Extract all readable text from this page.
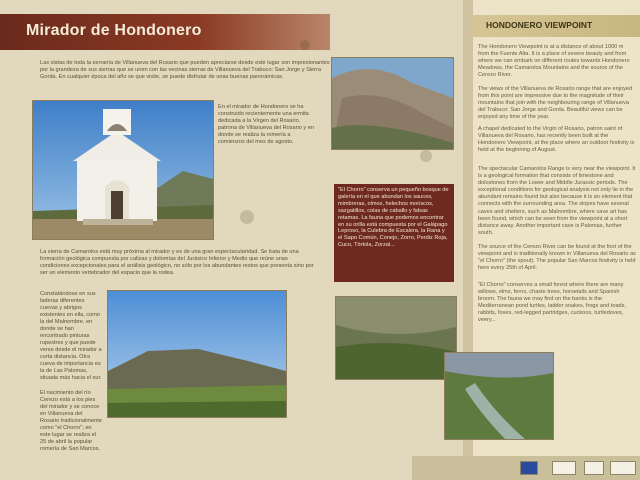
Mirador de Hondonero	HONDONERO VIEWPOINT
Las vistas de toda la serranía de Villanueva del Rosario que pueden apreciarse desde este lugar son impresionantes por la grandeza de sus sierras que se unen con las vecinas sierras de Villanueva del Trabuco: San Jorge y Sierra Gorda. En cualquier época del año se que visite, se puede disfrutar de unas buenas panorámicas.
En el mirador de Hondonero se ha construido recientemente una ermita dedicada a la Virgen del Rosario, patrona de Villanueva del Rosario y en donde se realiza la romería a comienzos del mes de agosto.
La sierra de Camarolos está muy próxima al mirador y es de una gran espectacularidad. Se trata de una formación geológica compuesta por calizas y dolomías del Jurásico Inferior y Medio que reúne unas condiciones excepcionales para el análisis geológico, no sólo por los abundantes restos que presenta sino por ser un elemento vertebrador del espacio que la rodea.
Constatándose en sus laderas diferentes cuevas y abrigos existentes en ella, como la del Malnombre, en donde se han encontrado pinturas rupestres y que puede verse desde el mirador a corta distancia. Otra cueva de importancia es la de Las Palomas, situada más hacia el sur.
El nacimiento del río Cerezo está a los pies del mirador y se conoce en Villanueva del Rosario tradicionalmente como "el Chorro"; en este lugar se realiza el 25 de abril la popular romería de San Marcos.
"El Chorro" conserva un pequeño bosque de galería en el que abundan los sauces, mimbreras, olmos, helechos moriscos, sazgatillos, colas de caballo y falsas retamas. La fauna que podemos encontrar en su orilla está compuesta por el Galápago Leproso, la Culebra de Escalera, la Rana y el Sapo Común, Conejo, Zorro, Perdiz Roja, Cuco, Tórtola, Zorzal...
The Hondonero Viewpoint is at a distance of about 1000 m from the Fuente Alta. It is a place of severe beauty and from where we can embark on different routes towards Hondonero Meadows, the Camarolos Mountains and the source of the Cerezo River.
The views of the Villanueva de Rosario range that are enjoyed from this point are impressive due to the magnitude of their mountains that join with the neighbouring range of Villanueva del Trabuco: San Jorge and Gorda. Beautiful views can be enjoyed any time of the year.
A chapel dedicated to the Virgin of Rosario, patron saint of Villanueva del Rosario, has recently been built at the Hondonero Viewpoint, at the place where an outdoor festivity is held at the beginning of August.
The spectacular Camarolos Range is very near the viewpoint. It is a geological formation that consists of limestone and dolostones from the Lower and Middle Jurassic periods. The exceptional conditions for geological analysis not only lie in the abundant remains found but also because it is an element that connects with the surrounding area. The slopes have several caves and shelters, such as Malnombre, where cave art has been found, which can be seen from the viewpoint at a short distance away. Another important cave is Palomas, further south.
The source of the Cerezo River can be found at the foot of the viewpoint and is traditionally known in Villanueva del Rosario as "el Chorro" (the spout). The popular San Marcos festivity is held here every 25th of April.
"El Chorro" conserves a small forest where there are many willows, elms, ferns, chaste trees, horsetails and Spanish broom. The fauna we may find on the banks is the Mediterranean pond turtles, ladder snakes, frogs and toads, rabbits, foxes, red-legged partridges, cuckoos, turtledoves, veery...
